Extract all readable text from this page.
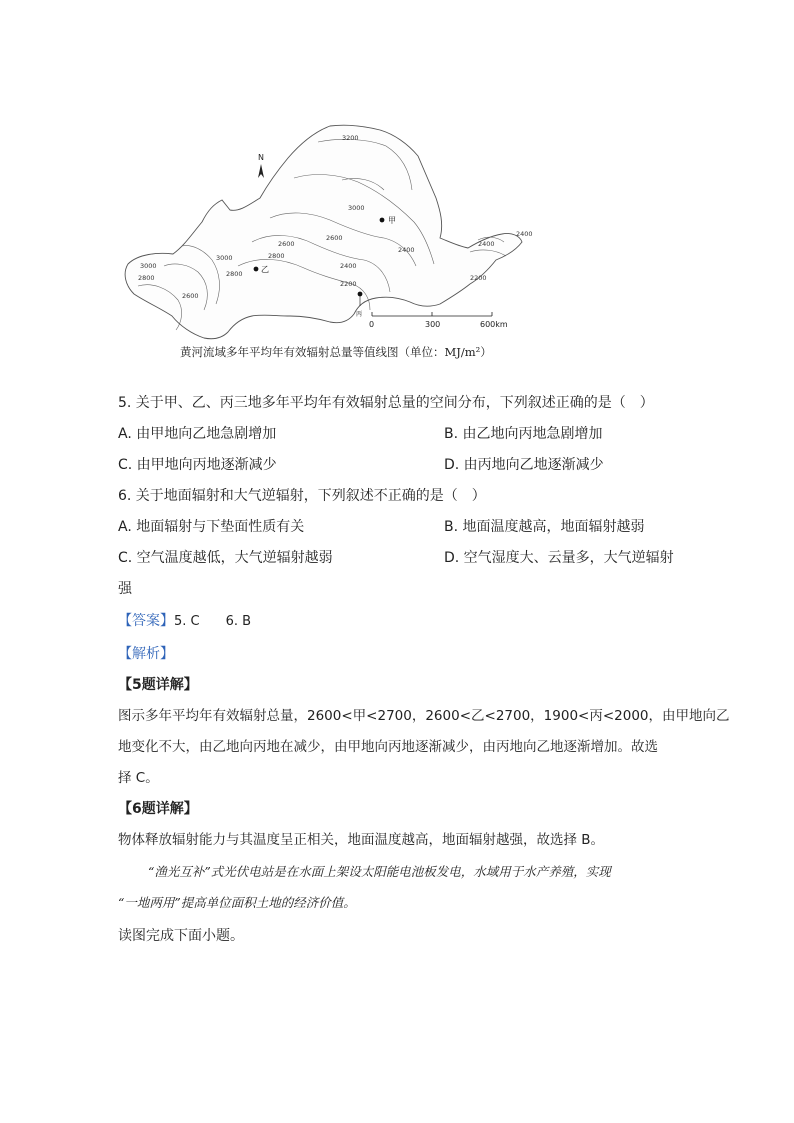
3200
3000
2600
2400
2200
3000
2800
2600
2800
3000
2800
2600
2400
2400
2200
2400
甲
乙
丙
N
0	300	600km
黄河流域多年平均年有效辐射总量等值线图（单位：MJ/m²）
5. 关于甲、乙、丙三地多年平均年有效辐射总量的空间分布，下列叙述正确的是（　）
A. 由甲地向乙地急剧增加	B. 由乙地向丙地急剧增加
C. 由甲地向丙地逐渐减少	D. 由丙地向乙地逐渐减少
6. 关于地面辐射和大气逆辐射，下列叙述不正确的是（　）
A. 地面辐射与下垫面性质有关	B. 地面温度越高，地面辐射越弱
C. 空气温度越低，大气逆辐射越弱	D. 空气湿度大、云量多，大气逆辐射
强
【答案】5. C　　6. B
【解析】
【5题详解】
图示多年平均年有效辐射总量，2600<甲<2700，2600<乙<2700，1900<丙<2000，由甲地向乙
地变化不大，由乙地向丙地在减少，由甲地向丙地逐渐减少，由丙地向乙地逐渐增加。故选
择 C。
【6题详解】
物体释放辐射能力与其温度呈正相关，地面温度越高，地面辐射越强，故选择 B。
“渔光互补”式光伏电站是在水面上架设太阳能电池板发电，水域用于水产养殖，实现
“一地两用”提高单位面积土地的经济价值。
读图完成下面小题。
